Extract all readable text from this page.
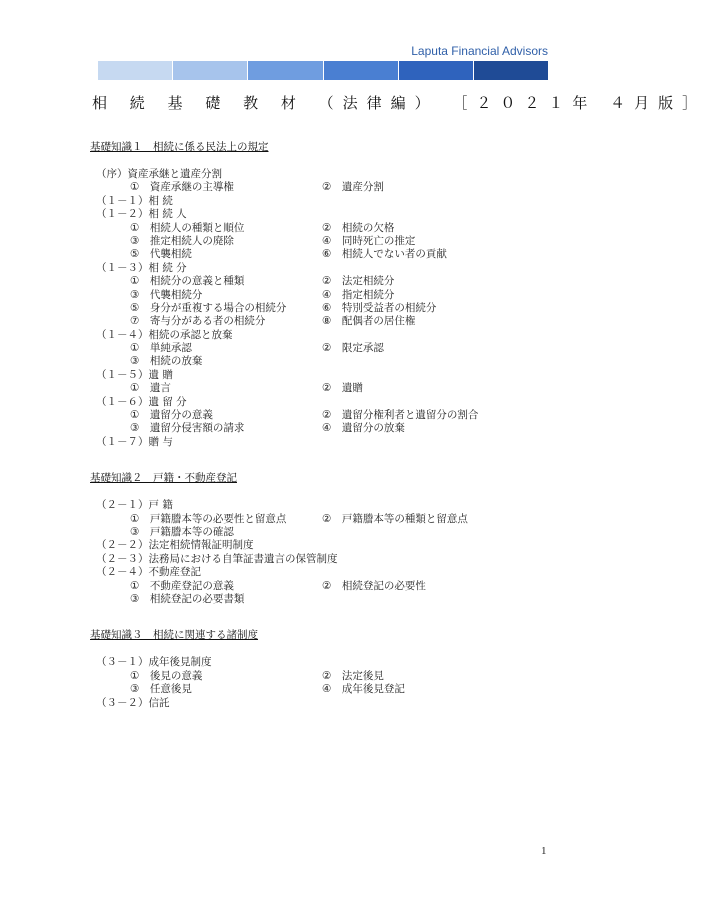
Laputa Financial Advisors
相 続 基 礎 教 材 （法律編） ［２０２１年 ４月版］
基礎知識１　相続に係る民法上の規定
（序）資産承継と遺産分割
①　資産承継の主導権	②　遺産分割
（１－１）相 続
（１－２）相 続 人
①　相続人の種類と順位	②　相続の欠格
③　推定相続人の廃除	④　同時死亡の推定
⑤　代襲相続	⑥　相続人でない者の貢献
（１－３）相 続 分
①　相続分の意義と種類	②　法定相続分
③　代襲相続分	④　指定相続分
⑤　身分が重複する場合の相続分	⑥　特別受益者の相続分
⑦　寄与分がある者の相続分	⑧　配偶者の居住権
（１－４）相続の承認と放棄
①　単純承認	②　限定承認
③　相続の放棄
（１－５）遺 贈
①　遺言	②　遺贈
（１－６）遺 留 分
①　遺留分の意義	②　遺留分権利者と遺留分の割合
③　遺留分侵害額の請求	④　遺留分の放棄
（１－７）贈 与
基礎知識２　戸籍・不動産登記
（２－１）戸 籍
①　戸籍謄本等の必要性と留意点	②　戸籍謄本等の種類と留意点
③　戸籍謄本等の確認
（２－２）法定相続情報証明制度
（２－３）法務局における自筆証書遺言の保管制度
（２－４）不動産登記
①　不動産登記の意義	②　相続登記の必要性
③　相続登記の必要書類
基礎知識３　相続に関連する諸制度
（３－１）成年後見制度
①　後見の意義	②　法定後見
③　任意後見	④　成年後見登記
（３－２）信託
1
